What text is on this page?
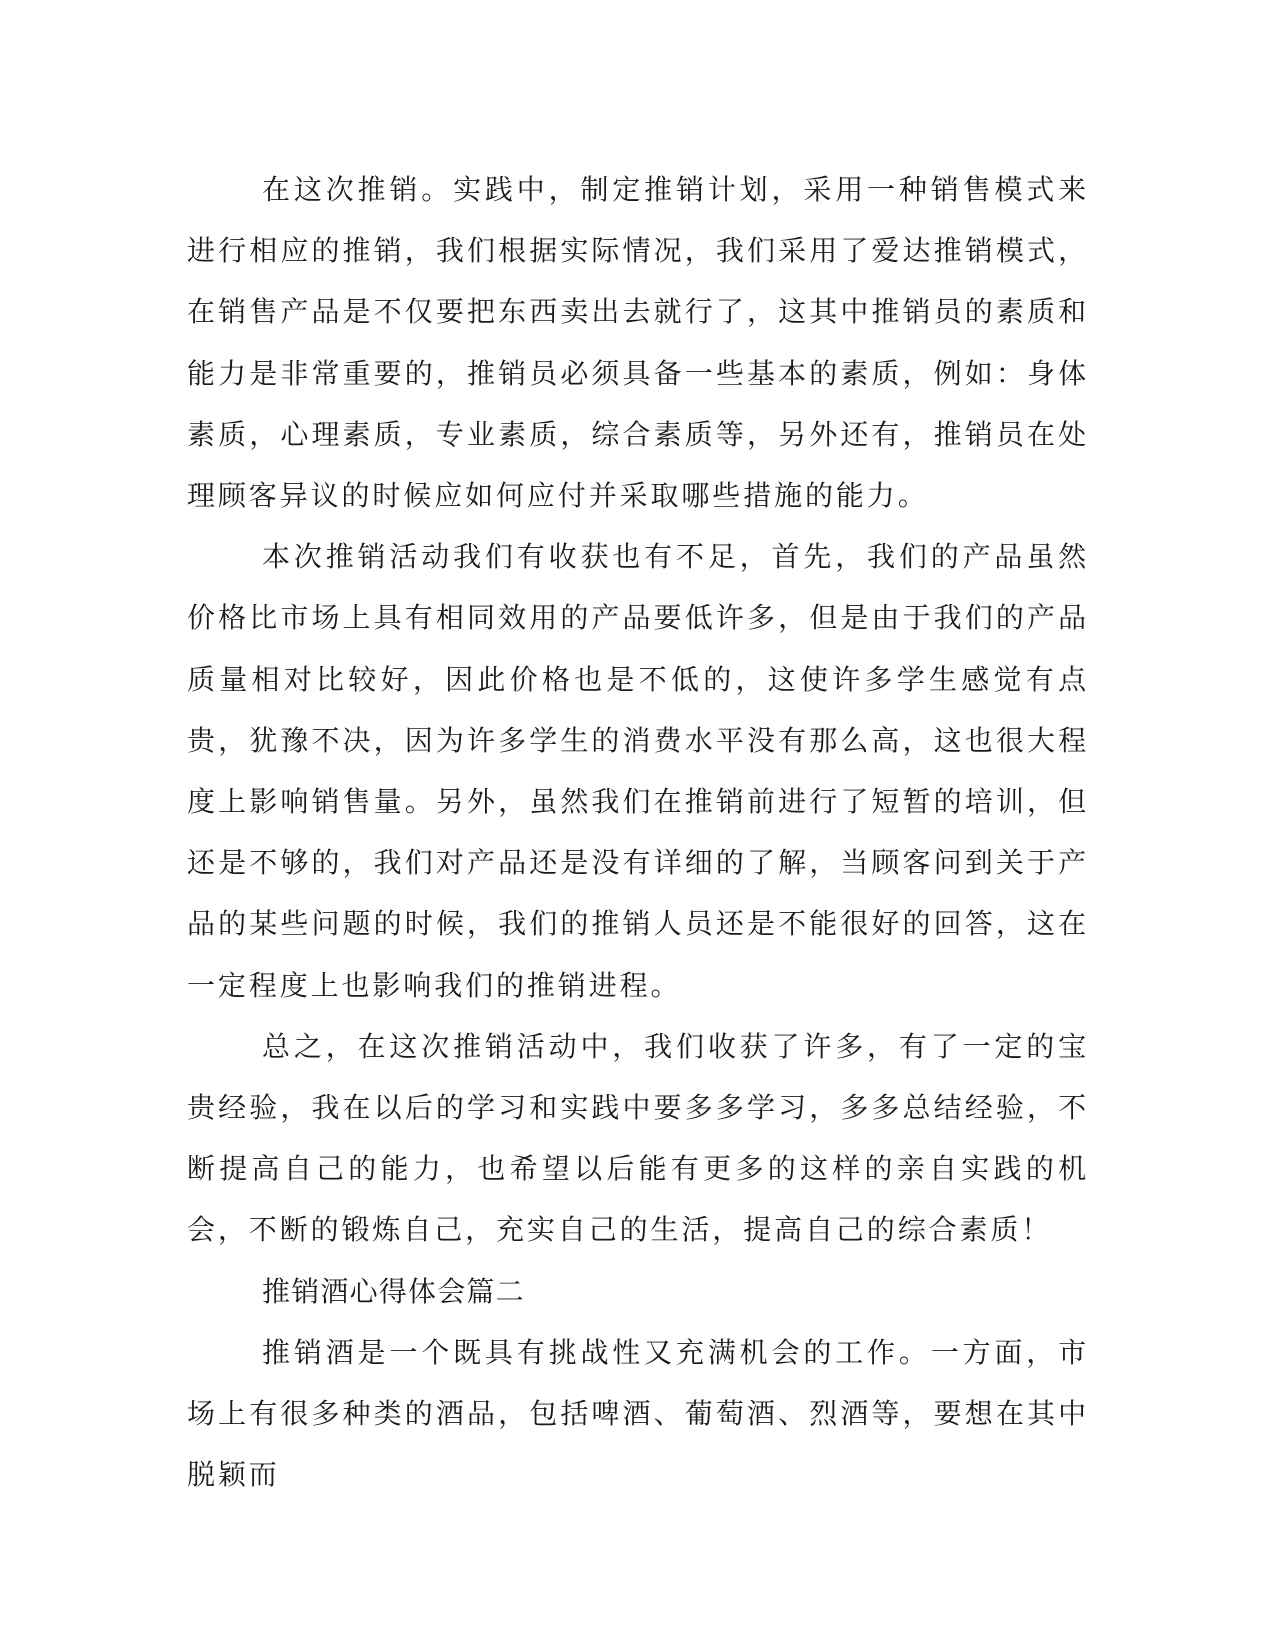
在这次推销。实践中，制定推销计划，采用一种销售模式来进行相应的推销，我们根据实际情况，我们采用了爱达推销模式，在销售产品是不仅要把东西卖出去就行了，这其中推销员的素质和能力是非常重要的，推销员必须具备一些基本的素质，例如：身体素质，心理素质，专业素质，综合素质等，另外还有，推销员在处理顾客异议的时候应如何应付并采取哪些措施的能力。

本次推销活动我们有收获也有不足，首先，我们的产品虽然价格比市场上具有相同效用的产品要低许多，但是由于我们的产品质量相对比较好，因此价格也是不低的，这使许多学生感觉有点贵，犹豫不决，因为许多学生的消费水平没有那么高，这也很大程度上影响销售量。另外，虽然我们在推销前进行了短暂的培训，但还是不够的，我们对产品还是没有详细的了解，当顾客问到关于产品的某些问题的时候，我们的推销人员还是不能很好的回答，这在一定程度上也影响我们的推销进程。

总之，在这次推销活动中，我们收获了许多，有了一定的宝贵经验，我在以后的学习和实践中要多多学习，多多总结经验，不断提高自己的能力，也希望以后能有更多的这样的亲自实践的机会，不断的锻炼自己，充实自己的生活，提高自己的综合素质！

推销酒心得体会篇二

推销酒是一个既具有挑战性又充满机会的工作。一方面，市场上有很多种类的酒品，包括啤酒、葡萄酒、烈酒等，要想在其中脱颖而
